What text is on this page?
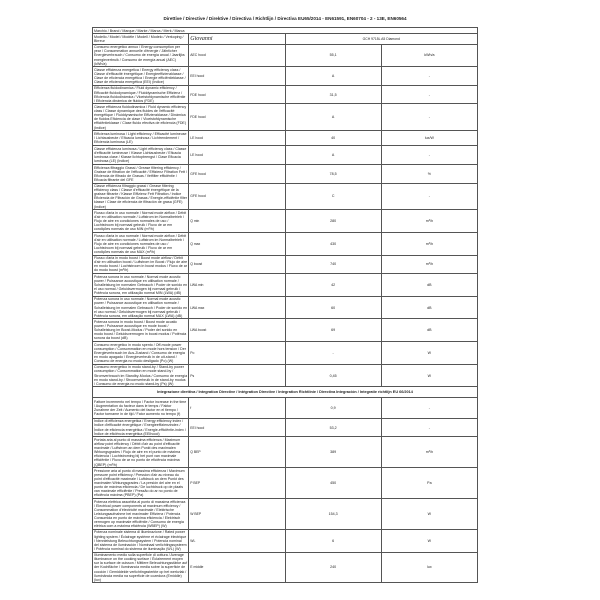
Direttive / Directive / Direktive / Directiva / Richtlijn / Directiva EU65/2014 - EN61591, EN60704 - 2 - 13E, EN60564
Marchio / Brand / Marque / Marke / Marca / Merk / Marca			
Modello / Model / Modèle / Modell / Modelo / Verkoping / Birreur	Giovanni	GCH 9715L A5 Diamond	
Consumo energetico annuo / Energy consumption per year / Consommation annuelle d'énergie / Jährlicher Energieverbrauch / Consumo de energía anual / Jaarlijks energieverbruik / Consumo de energía anual (AEC) (kWh/a)	AEC hood	55,1	kWh/a
Classe efficienza energetica / Energy efficiency class / Classe d'efficacité énergétique / Energieeffizienzklasse / Clase de eficiencia energética / Energie efficiëntieklasse / Clase de eficiencia energética (EEI) (Indice)	EEI hood	A	-
Efficienza fluidodinamica / Fluid dynamic efficiency / Efficacité fluidodynamique / Fluiddynamische Effizienz / Eficiencia fluidodinámica / Vloeistofdynamische efficiëntie / Eficiencia dinámica de fluidos (FDE)	FDE hood	31,5	-
Classe efficienza fluidodinamica / Fluid dynamic efficiency class / Classe dynamique des fluides de l'efficacité énergétique / Fluiddynamische Effizienzklasse / Dinámica de fluidos Eficiencia de clase / Vloeistofdynamische efficiëntieklasse / Clase fluido efectiva de eficiencia (FDE) (Indice)	FDE hood	A	-
Efficienza luminosa / Light efficiency / Efficacité lumineuse / Lichtausbeute / Eficacia luminosa / Lichtrendement / Eficiencia luminosa (LE)	LE hood	40	lux/W
Classe efficienza luminosa / Light efficiency class / Classe d'efficacité lumineuse / Klasse Lichtausbeute / Eficacia luminosa clase / Klasse lichtopbrengst / Clase Eficacia luminosa (LE) (Indice)	LE hood	A	-
Efficienza filtraggio Grassi / Grease filtering efficiency / Graisse de filtration de l'efficacité / Effizienz Filtration Fett / Eficiencia de filtrado de Grasas / Vetfilter efficiëntie / Eficacia filtrante del GFE	GFE hood	78,5	%
Classe efficienza filtraggio grassi / Grease filtering efficiency class / Classe d'efficacité énergétique de la graisse filtrante / Klasse Effizienz Fett Filtration / Indice Eficiencia de Filtración de Grasas / Energie-efficiëntie filter klasse / Clase de eficiencia de filtración de grasa (GFE) (Indice)	GFE hood	C	-
Flusso d'aria in uso normale / Normal mode airflow / Débit d'air en utilisation normale / Luftstrom im Normalbetrieb / Flujo de aire en condiciones normales de uso / Luchtstroom bij normaal gebruik / Fluxo de ar em condições normais de uso MIN (m³/h)	Q min	280	m³/h
Flusso d'aria in uso normale / Normal mode airflow / Débit d'air en utilisation normale / Luftstrom im Normalbetrieb / Flujo de aire en condiciones normales de uso / Luchtstroom bij normaal gebruik / Fluxo de ar em condições normais de uso MAX (m³/h)	Q max	430	m³/h
Flusso d'aria in modo boost / Boost mode airflow / Débit d'air en utilisation boost / Luftstrom im Boost / Flujo de aire en modo boost / Luchtstroom in boost modus / Fluxo de ar do modo boost (m³/h)	Q boost	740	m³/h
Potenza sonora in uso normale / Normal mode acustic power / Puissance acoustique en utilisation normale / Schalleistung im normalen Gebrauch / Poder de sonido en el uso normal / Geluidsvermogen bij normaal gebruik / Potência sonora, em utilização normal MIN (LWA) (dB)	LWA min	42	dB
Potenza sonora in uso normale / Normal mode acustic power / Puissance acoustique en utilisation normale / Schalleistung im normalen Gebrauch / Poder de sonido en el uso normal / Geluidsvermogen bij normaal gebruik / Potência sonora, em utilização normal MAX (LWA) (dB)	LWA max	60	dB
Potenza sonora in modo boost / Boost mode acustic power / Puissance acoustique en mode boost / Schalleistung im Boost-Modus / Poder del sonido en modo boost / Geluidsvermogen in boost modus / Potência sonora da boost (dB)	LWA boost	69	dB
Consumo energetico in modo spento / Off-mode power consumption / Consommation en mode hors tension / Der Energieverbrauch im Aus-Zustand / Consumo de energía en modo apagado / Energieverbruik in de uit-stand / Consumo de energia no modo desligado (Po) (W)	Po	-	W
Consumo energetico in modo stand-by / Stand-by power consumption / Consommation en mode stand-by / Stromverbrauch im Standby-Modus / Consumo de energía en modo stand-by / Stroomverbruik in de stand-by modus / Consumo de energia no modo stand-by (Ps) (W)	Ps	0,45	W
Integrazione direttiva / Integration Directive / Intégration Directive / Integration Richtlinie / Directiva Integración / Integratie richtlijn EU 66/2014			
Fattore incremento nel tempo / Factor increase in the time / Augmentation du facteur dans le temps / Faktor Zunahme der Zeit / Aumento del factor en el tiempo / Factor toename in de tijd / Fator aumento no tempo (f)	f	0,9	-
Indice di efficienza energetica / Energy efficiency index / Indice d'efficacité énergétique / Energieeffizienzindex / Índice de eficiencia energética / Energie-efficiëntie-index / Índice de eficiência energética (EEIhood)	EEI hood	53,2	-
Portata aria al punto di massima efficienza / Maximum airflow point efficiency / Débit d'air au point d'efficacité maximale / Luftstrom an dem Punkt des maximalen Wirkungsgrades / Flujo de aire en el punto de máxima eficiencia / Luchtstroming bij het punt van maximale efficiëntie / Fluxo de ar no ponto de eficiência máxima (QBEP) (m³/h)	Q BEP	389	m³/h
Pressione aria al punto di massima efficienza / Maximum pressure point efficiency / Pression d'air au niveau du point d'efficacité maximale / Luftdruck an dem Punkt des maximalen Wirkungsgrades / La presión del aire en el punto de máxima eficiencia / De luchtdruck op de plaats van maximale efficiëntie / Pressão do ar no ponto de eficiência máxima (PBEP) (Pa)	P BEP	450	Pa
Potenza elettrica assorbita al punto di massima efficienza / Electrical power components at maximum efficiency / Consommation d'électricité maximale / Elektrische Leistungsaufnahme bei maximaler Effizienz / Potencia Consumida en punto de máxima eficiencia / Elektrisch vermogen op maximale efficiëntie / Consumo de energia elétrica com a máxima eficiência (WBEP) (W)	W BEP	154,3	W
Potenza nominale sistema di illuminazione / Rated power lighting system / Éclairage système et éclairage électrique / Nennleistung Beleuchtungssystem / Potencia nominal del sistema de iluminación / Nominaal verlichtingssysteem / Potência nominal do sistema de iluminação (WL) (W)	WL	6	W
Illuminamento medio sulla superficie di cottura / Average illuminance on the cooking surface / Éclairement moyen sur la surface de cuisson / Mittlere Beleuchtungsstärke auf der Kochfläche / Iluminancia media sobre la superficie de cocción / Gemiddelde verlichtingssterkte op het werkvlak / Iluminância media na superfície de cozedura (Emiddle) (lux)	E middle	240	lux
